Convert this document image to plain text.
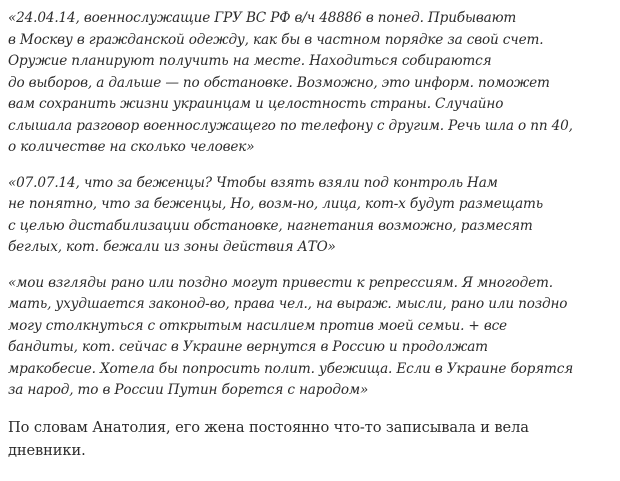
«24.04.14, военнослужащие ГРУ ВС РФ в/ч 48886 в понед. Прибывают
в Москву в гражданской одежду, как бы в частном порядке за свой счет.
Оружие планируют получить на месте. Находиться собираются
до выборов, а дальше — по обстановке. Возможно, это информ. поможет
вам сохранить жизни украинцам и целостность страны. Случайно
слышала разговор военнослужащего по телефону с другим. Речь шла о пп 40,
о количестве на сколько человек»
«07.07.14, что за беженцы? Чтобы взять взяли под контроль Нам
не понятно, что за беженцы, Но, возм-но, лица, кот-х будут размещать
с целью дистабилизации обстановке, нагнетания возможно, размесят
беглых, кот. бежали из зоны действия АТО»
«мои взгляды рано или поздно могут привести к репрессиям. Я многодет.
мать, ухудшается законод-во, права чел., на выраж. мысли, рано или поздно
могу столкнуться с открытым насилием против моей семьи. + все
бандиты, кот. сейчас в Украине вернутся в Россию и продолжат
мракобесие. Хотела бы попросить полит. убежища. Если в Украине борятся
за народ, то в России Путин борется с народом»

По словам Анатолия, его жена постоянно что-то записывала и вела
дневники.
